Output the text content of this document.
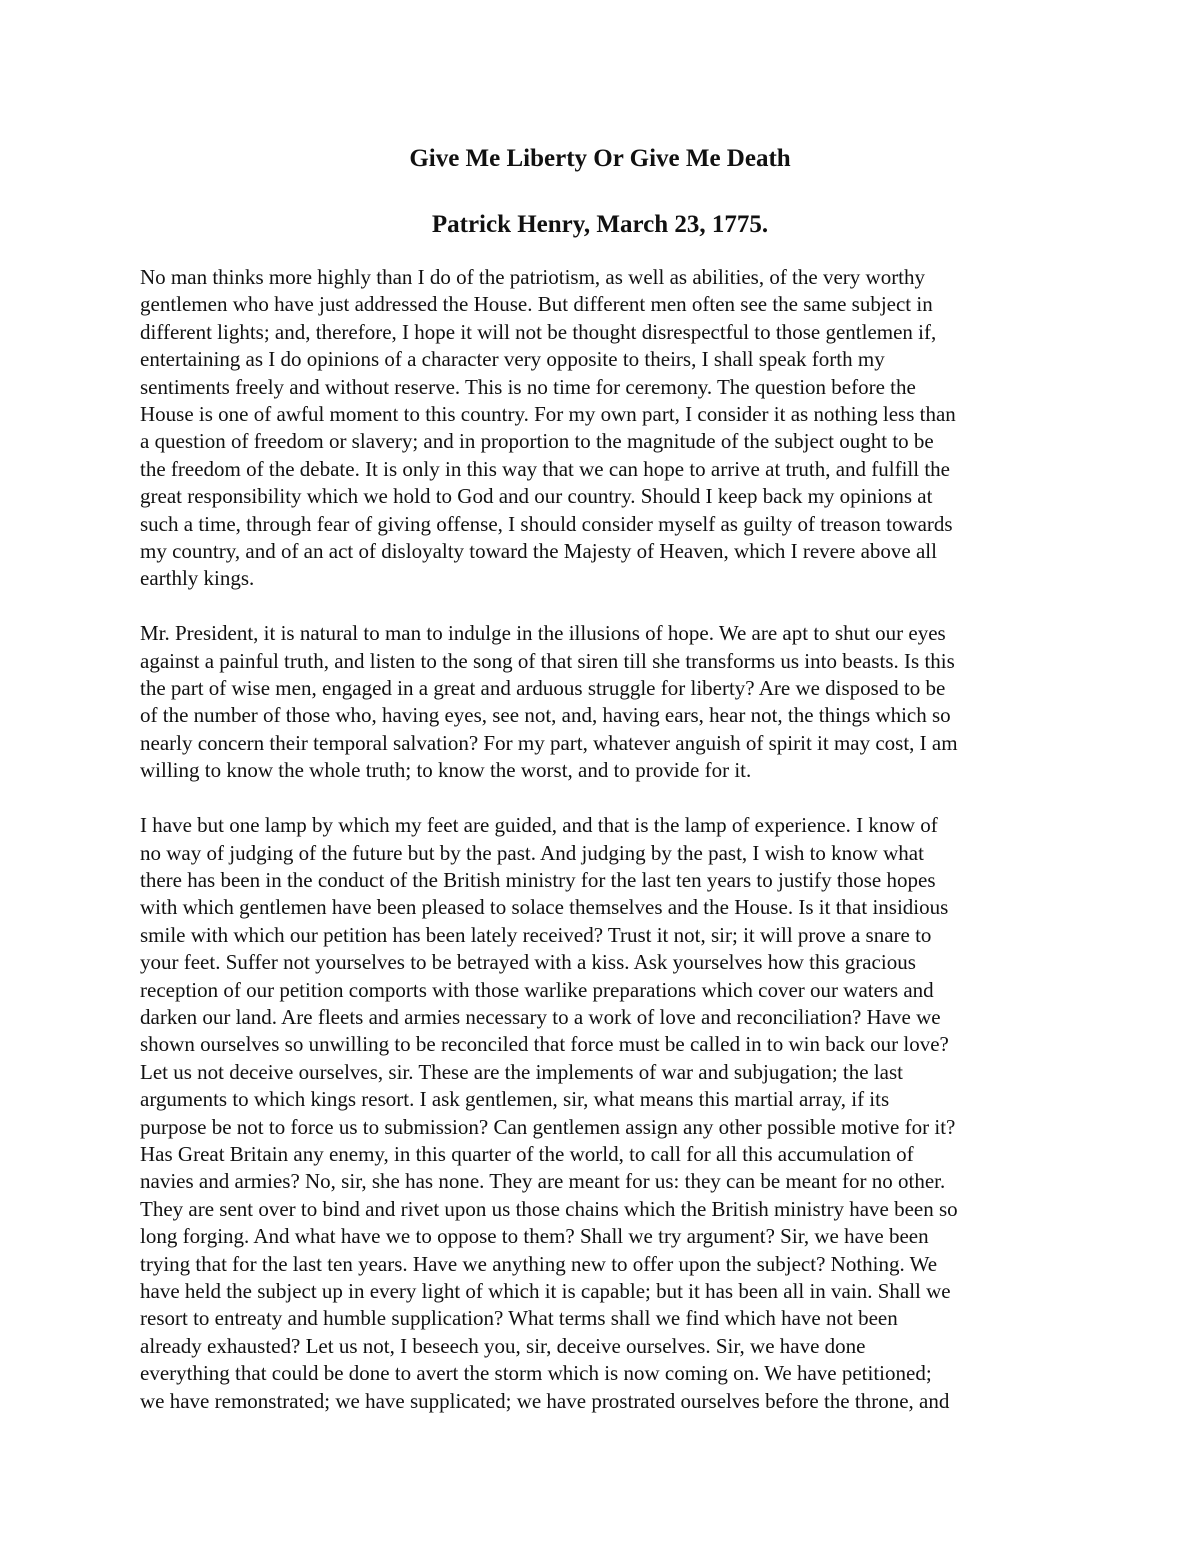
Give Me Liberty Or Give Me Death
Patrick Henry, March 23, 1775.

No man thinks more highly than I do of the patriotism, as well as abilities, of the very worthy
gentlemen who have just addressed the House. But different men often see the same subject in
different lights; and, therefore, I hope it will not be thought disrespectful to those gentlemen if,
entertaining as I do opinions of a character very opposite to theirs, I shall speak forth my
sentiments freely and without reserve. This is no time for ceremony. The question before the
House is one of awful moment to this country. For my own part, I consider it as nothing less than
a question of freedom or slavery; and in proportion to the magnitude of the subject ought to be
the freedom of the debate. It is only in this way that we can hope to arrive at truth, and fulfill the
great responsibility which we hold to God and our country. Should I keep back my opinions at
such a time, through fear of giving offense, I should consider myself as guilty of treason towards
my country, and of an act of disloyalty toward the Majesty of Heaven, which I revere above all
earthly kings.

Mr. President, it is natural to man to indulge in the illusions of hope. We are apt to shut our eyes
against a painful truth, and listen to the song of that siren till she transforms us into beasts. Is this
the part of wise men, engaged in a great and arduous struggle for liberty? Are we disposed to be
of the number of those who, having eyes, see not, and, having ears, hear not, the things which so
nearly concern their temporal salvation? For my part, whatever anguish of spirit it may cost, I am
willing to know the whole truth; to know the worst, and to provide for it.

I have but one lamp by which my feet are guided, and that is the lamp of experience. I know of
no way of judging of the future but by the past. And judging by the past, I wish to know what
there has been in the conduct of the British ministry for the last ten years to justify those hopes
with which gentlemen have been pleased to solace themselves and the House. Is it that insidious
smile with which our petition has been lately received? Trust it not, sir; it will prove a snare to
your feet. Suffer not yourselves to be betrayed with a kiss. Ask yourselves how this gracious
reception of our petition comports with those warlike preparations which cover our waters and
darken our land. Are fleets and armies necessary to a work of love and reconciliation? Have we
shown ourselves so unwilling to be reconciled that force must be called in to win back our love?
Let us not deceive ourselves, sir. These are the implements of war and subjugation; the last
arguments to which kings resort. I ask gentlemen, sir, what means this martial array, if its
purpose be not to force us to submission? Can gentlemen assign any other possible motive for it?
Has Great Britain any enemy, in this quarter of the world, to call for all this accumulation of
navies and armies? No, sir, she has none. They are meant for us: they can be meant for no other.
They are sent over to bind and rivet upon us those chains which the British ministry have been so
long forging. And what have we to oppose to them? Shall we try argument? Sir, we have been
trying that for the last ten years. Have we anything new to offer upon the subject? Nothing. We
have held the subject up in every light of which it is capable; but it has been all in vain. Shall we
resort to entreaty and humble supplication? What terms shall we find which have not been
already exhausted? Let us not, I beseech you, sir, deceive ourselves. Sir, we have done
everything that could be done to avert the storm which is now coming on. We have petitioned;
we have remonstrated; we have supplicated; we have prostrated ourselves before the throne, and
